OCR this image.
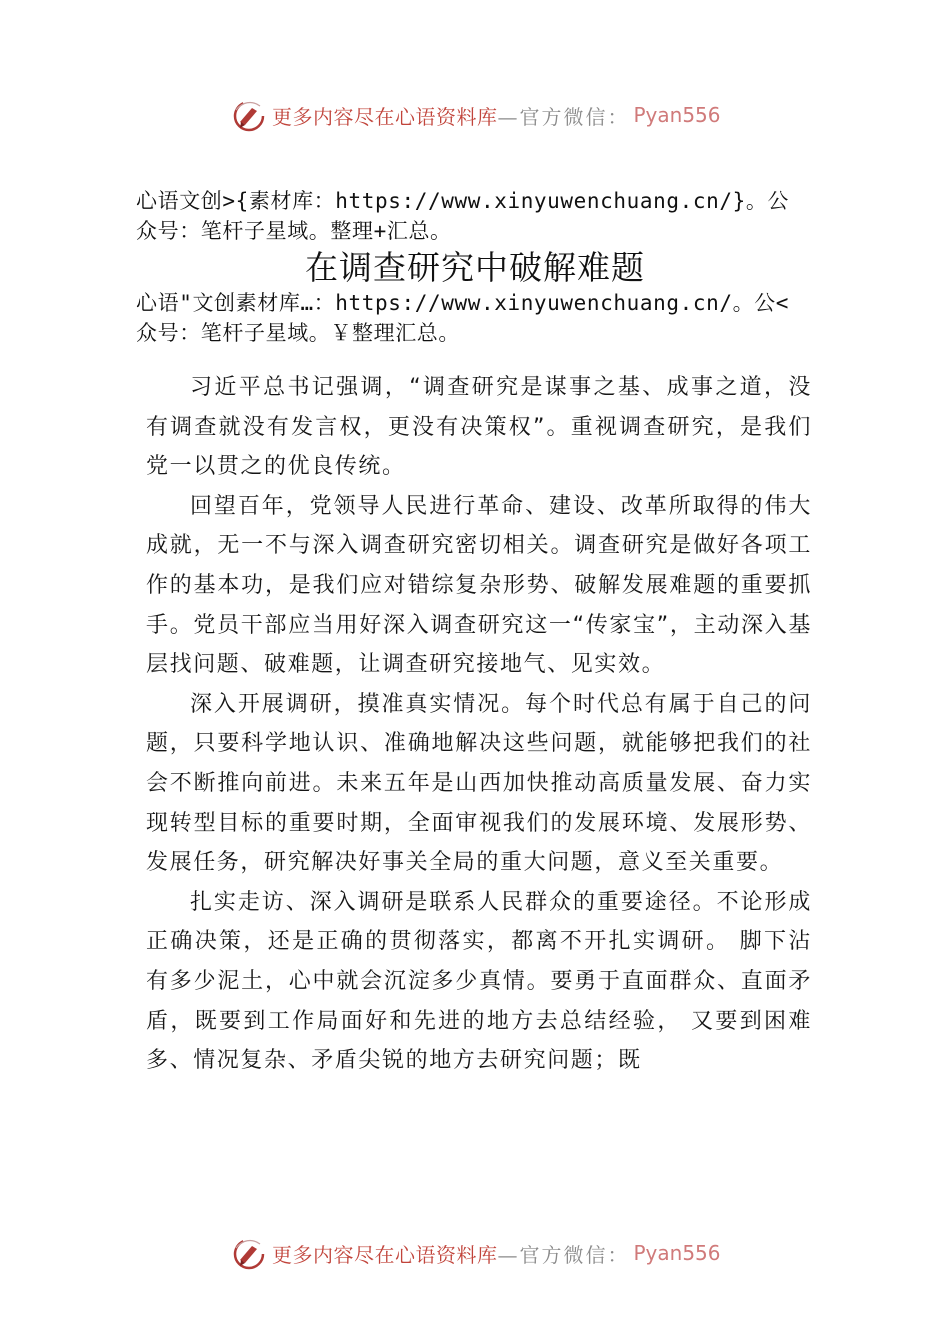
更多内容尽在心语资料库 —官方微信： Pyan556
心语文创>{素材库：https://www.xinyuwenchuang.cn/}。公
众号：笔杆子星域。整理+汇总。
在调查研究中破解难题
心语"文创素材库…：https://www.xinyuwenchuang.cn/。公<
众号：笔杆子星域。￥整理汇总。

习近平总书记强调，“调查研究是谋事之基、成事之道，没有调查就没有发言权，更没有决策权”。重视调查研究，是我们党一以贯之的优良传统。

回望百年，党领导人民进行革命、建设、改革所取得的伟大成就，无一不与深入调查研究密切相关。调查研究是做好各项工作的基本功，是我们应对错综复杂形势、破解发展难题的重要抓手。党员干部应当用好深入调查研究这一“传家宝”，主动深入基层找问题、破难题，让调查研究接地气、见实效。

深入开展调研，摸准真实情况。每个时代总有属于自己的问题，只要科学地认识、准确地解决这些问题，就能够把我们的社会不断推向前进。未来五年是山西加快推动高质量发展、奋力实现转型目标的重要时期，全面审视我们的发展环境、发展形势、发展任务，研究解决好事关全局的重大问题，意义至关重要。

扎实走访、深入调研是联系人民群众的重要途径。不论形成正确决策，还是正确的贯彻落实，都离不开扎实调研。 脚下沾有多少泥土，心中就会沉淀多少真情。要勇于直面群众、直面矛盾，既要到工作局面好和先进的地方去总结经验， 又要到困难多、情况复杂、矛盾尖锐的地方去研究问题；既

更多内容尽在心语资料库 —官方微信： Pyan556
